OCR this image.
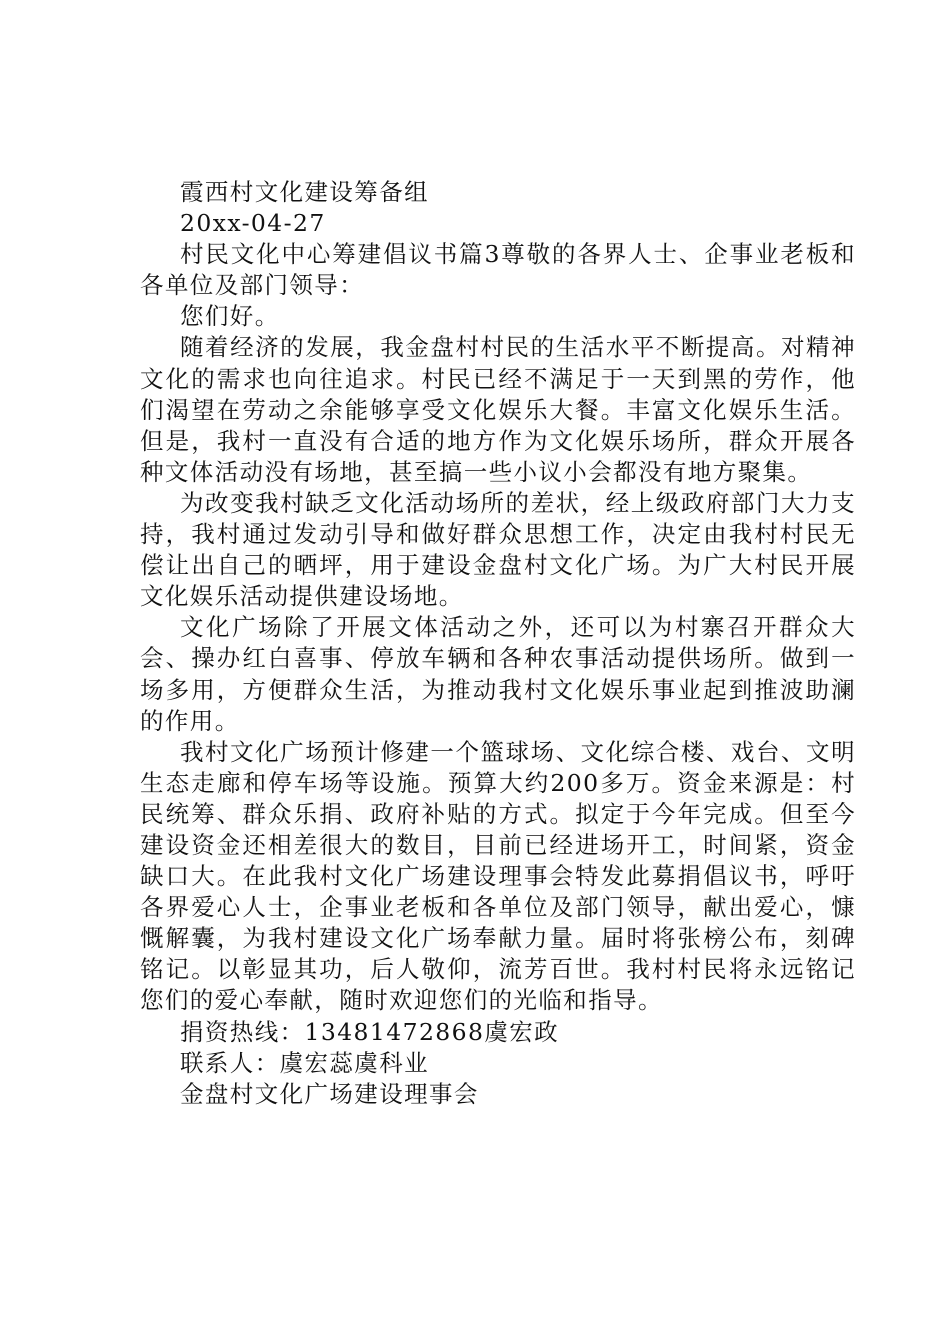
霞西村文化建设筹备组

20xx-04-27

村民文化中心筹建倡议书篇3尊敬的各界人士、企事业老板和各单位及部门领导：

您们好。

随着经济的发展，我金盘村村民的生活水平不断提高。对精神文化的需求也向往追求。村民已经不满足于一天到黑的劳作，他们渴望在劳动之余能够享受文化娱乐大餐。丰富文化娱乐生活。但是，我村一直没有合适的地方作为文化娱乐场所，群众开展各种文体活动没有场地，甚至搞一些小议小会都没有地方聚集。

为改变我村缺乏文化活动场所的差状，经上级政府部门大力支持，我村通过发动引导和做好群众思想工作，决定由我村村民无偿让出自己的晒坪，用于建设金盘村文化广场。为广大村民开展文化娱乐活动提供建设场地。

文化广场除了开展文体活动之外，还可以为村寨召开群众大会、操办红白喜事、停放车辆和各种农事活动提供场所。做到一场多用，方便群众生活，为推动我村文化娱乐事业起到推波助澜的作用。

我村文化广场预计修建一个篮球场、文化综合楼、戏台、文明生态走廊和停车场等设施。预算大约200多万。资金来源是：村民统筹、群众乐捐、政府补贴的方式。拟定于今年完成。但至今建设资金还相差很大的数目，目前已经进场开工，时间紧，资金缺口大。在此我村文化广场建设理事会特发此募捐倡议书，呼吁各界爱心人士，企事业老板和各单位及部门领导，献出爱心，慷慨解囊，为我村建设文化广场奉献力量。届时将张榜公布，刻碑铭记。以彰显其功，后人敬仰，流芳百世。我村村民将永远铭记您们的爱心奉献，随时欢迎您们的光临和指导。

捐资热线：13481472868虞宏政

联系人：虞宏蕊虞科业

金盘村文化广场建设理事会
